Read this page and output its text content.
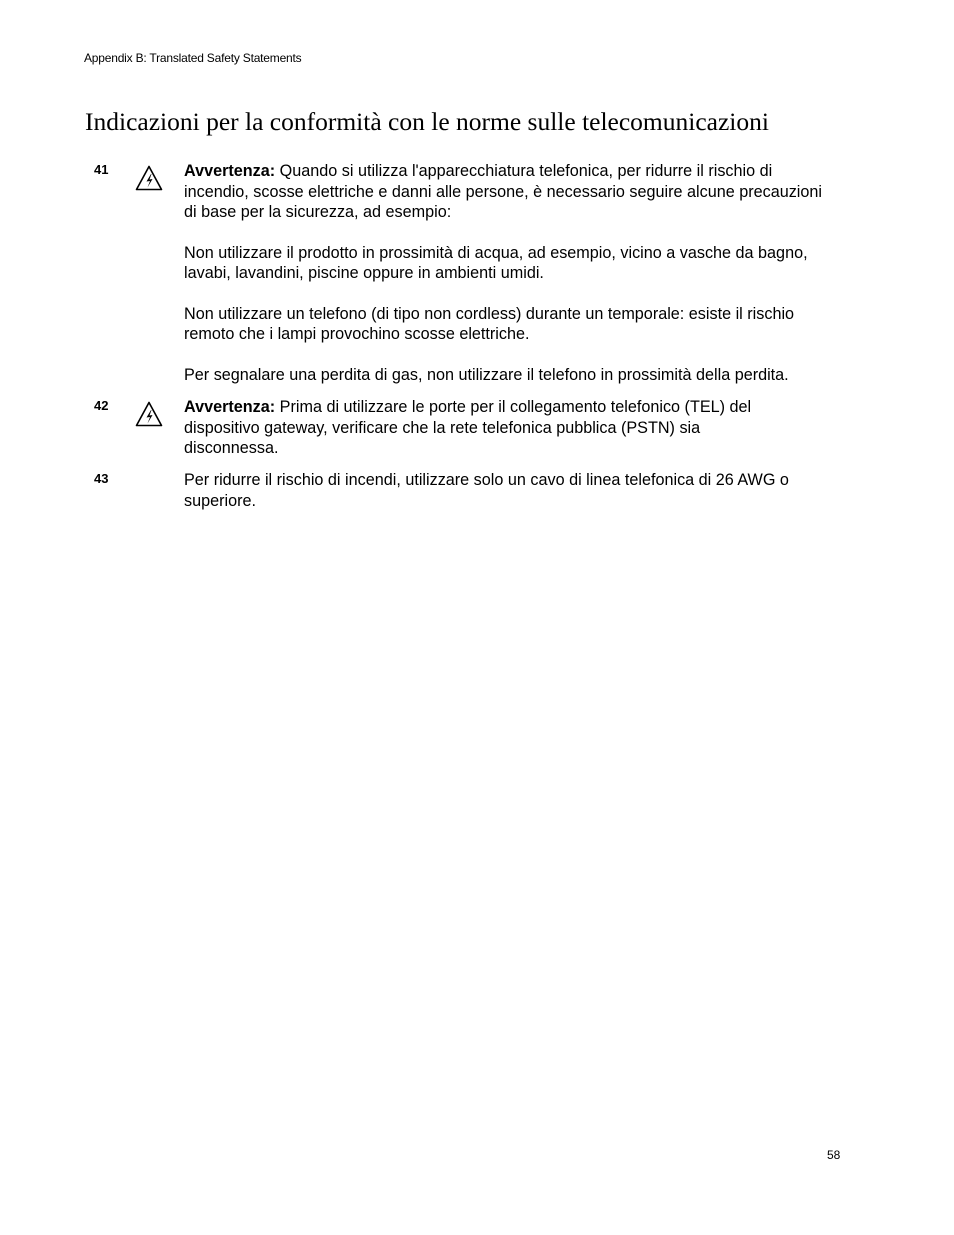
Appendix B: Translated Safety Statements
Indicazioni per la conformità con le norme sulle telecomunicazioni
41	Avvertenza: Quando si utilizza l'apparecchiatura telefonica, per ridurre il rischio di incendio, scosse elettriche e danni alle persone, è necessario seguire alcune precauzioni di base per la sicurezza, ad esempio:

Non utilizzare il prodotto in prossimità di acqua, ad esempio, vicino a vasche da bagno, lavabi, lavandini, piscine oppure in ambienti umidi.

Non utilizzare un telefono (di tipo non cordless) durante un temporale: esiste il rischio remoto che i lampi provochino scosse elettriche.

Per segnalare una perdita di gas, non utilizzare il telefono in prossimità della perdita.

42	Avvertenza: Prima di utilizzare le porte per il collegamento telefonico (TEL) del dispositivo gateway, verificare che la rete telefonica pubblica (PSTN) sia disconnessa.

43	Per ridurre il rischio di incendi, utilizzare solo un cavo di linea telefonica di 26 AWG o superiore.

58
